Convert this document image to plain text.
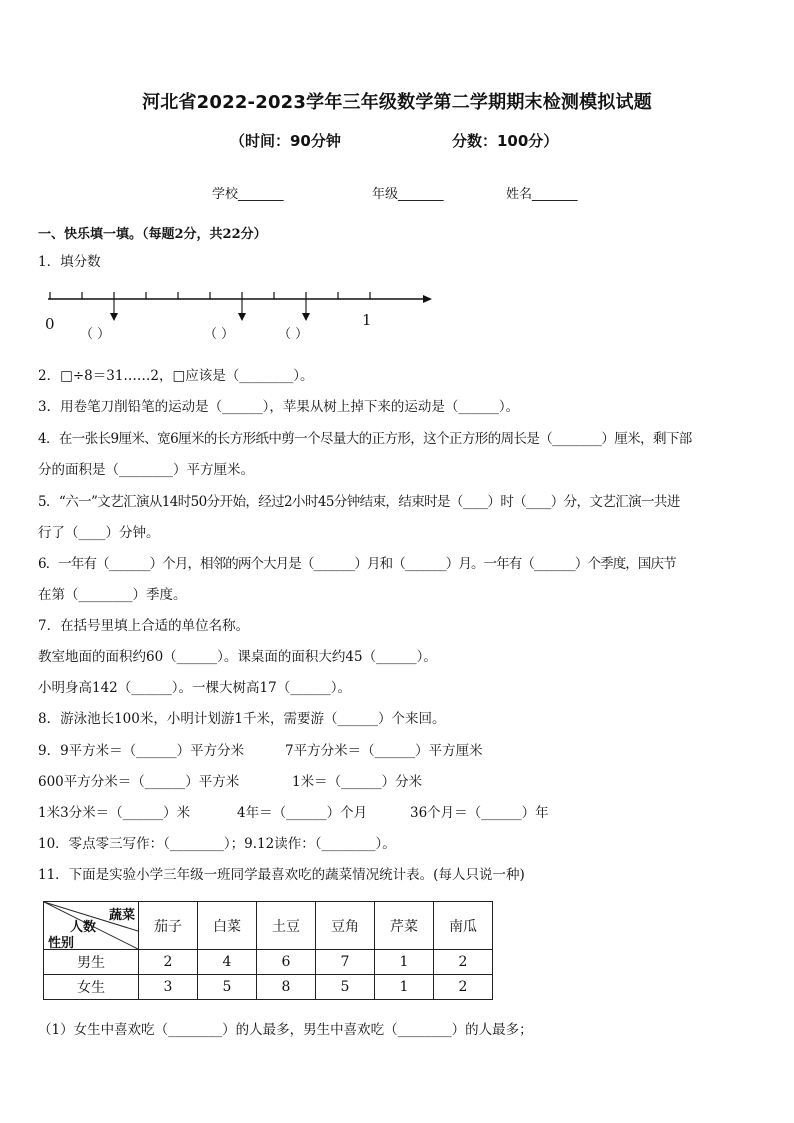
河北省2022-2023学年三年级数学第二学期期末检测模拟试题
（时间：90分钟	分数：100分）
学校_______	年级_______	姓名_______
一、快乐填一填。（每题2分，共22分）
1．填分数
0	1
（ ）	（ ）	（ ）
2．□÷8＝31……2，□应该是（________）。
3．用卷笔刀削铅笔的运动是（______），苹果从树上掉下来的运动是（______）。
4．在一张长9厘米、宽6厘米的长方形纸中剪一个尽量大的正方形，这个正方形的周长是（________）厘米，剩下部
分的面积是（________）平方厘米。
5．“六一”文艺汇演从14时50分开始，经过2小时45分钟结束，结束时是（____）时（____）分，文艺汇演一共进
行了（____）分钟。
6．一年有（_______）个月，相邻的两个大月是（_______）月和（_______）月。一年有（_______）个季度，国庆节
在第（________）季度。
7．在括号里填上合适的单位名称。
教室地面的面积约60（______）。课桌面的面积大约45（______）。
小明身高142（______）。一棵大树高17（______）。
8．游泳池长100米，小明计划游1千米，需要游（______）个来回。
9．9平方米＝（______）平方分米	7平方分米＝（______）平方厘米
600平方分米＝（______）平方米	1米＝（______）分米
1米3分米＝（______）米	4年＝（______）个月	36个月＝（______）年
10．零点零三写作：（________）；9.12读作：（________）。
11．下面是实验小学三年级一班同学最喜欢吃的蔬菜情况统计表。(每人只说一种)
蔬菜
人数
性别	茄子	白菜	土豆	豆角	芹菜	南瓜
男生	2	4	6	7	1	2
女生	3	5	8	5	1	2
（1）女生中喜欢吃（________）的人最多，男生中喜欢吃（________）的人最多；
